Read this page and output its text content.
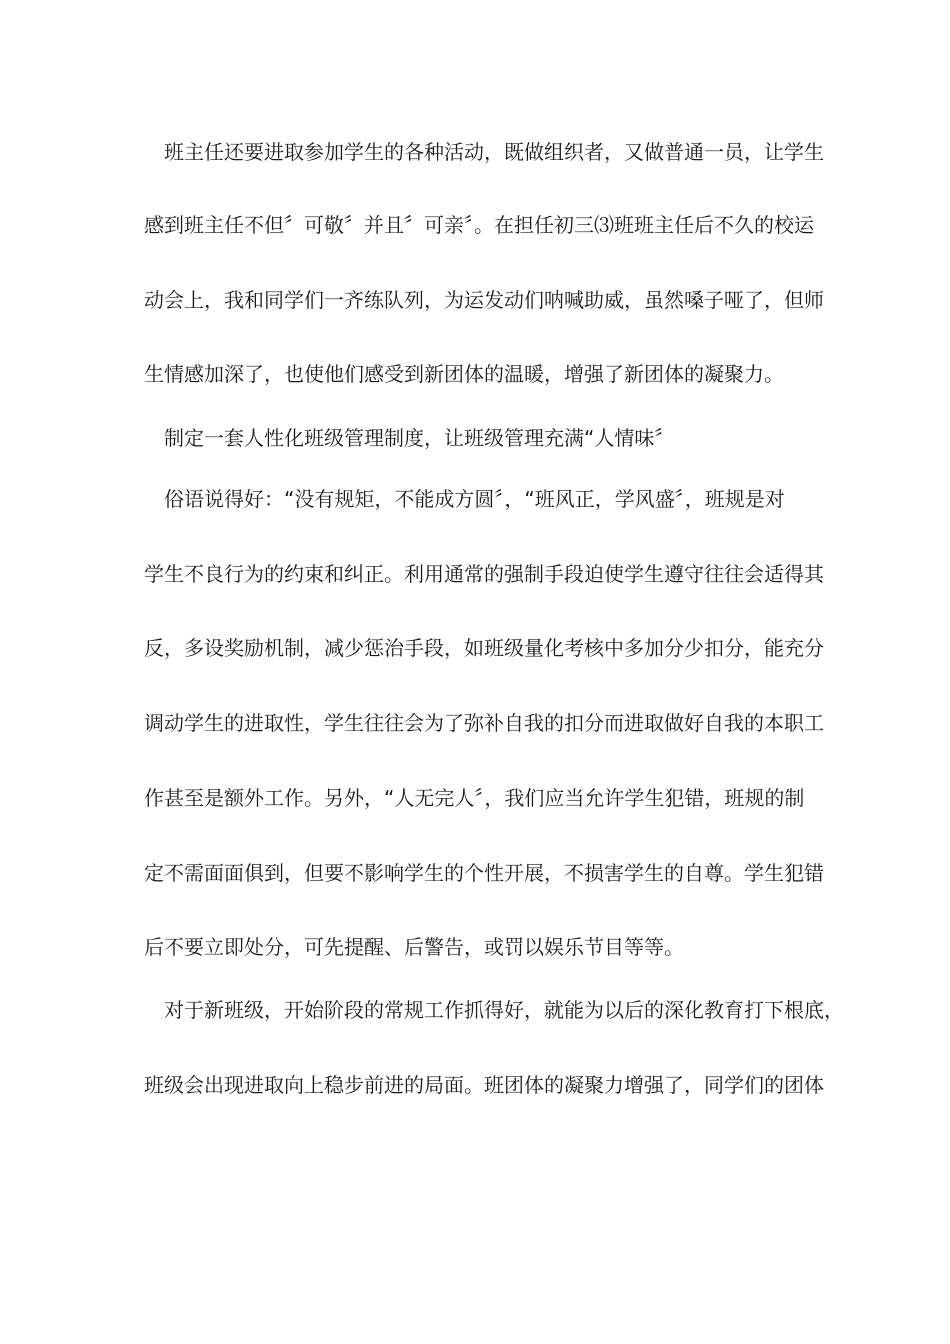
班主任还要进取参加学生的各种活动，既做组织者，又做普通一员，让学生
感到班主任不但〞可敬〞并且〞可亲〞。在担任初三⑶班班主任后不久的校运
动会上，我和同学们一齐练队列，为运发动们呐喊助威，虽然嗓子哑了，但师
生情感加深了，也使他们感受到新团体的温暖，增强了新团体的凝聚力。
制定一套人性化班级管理制度，让班级管理充满“人情味〞
俗语说得好：“没有规矩，不能成方圆〞，“班风正，学风盛〞，班规是对
学生不良行为的约束和纠正。利用通常的强制手段迫使学生遵守往往会适得其
反，多设奖励机制，减少惩治手段，如班级量化考核中多加分少扣分，能充分
调动学生的进取性，学生往往会为了弥补自我的扣分而进取做好自我的本职工
作甚至是额外工作。另外，“人无完人〞，我们应当允许学生犯错，班规的制
定不需面面俱到，但要不影响学生的个性开展，不损害学生的自尊。学生犯错
后不要立即处分，可先提醒、后警告，或罚以娱乐节目等等。
对于新班级，开始阶段的常规工作抓得好，就能为以后的深化教育打下根底，
班级会出现进取向上稳步前进的局面。班团体的凝聚力增强了，同学们的团体
